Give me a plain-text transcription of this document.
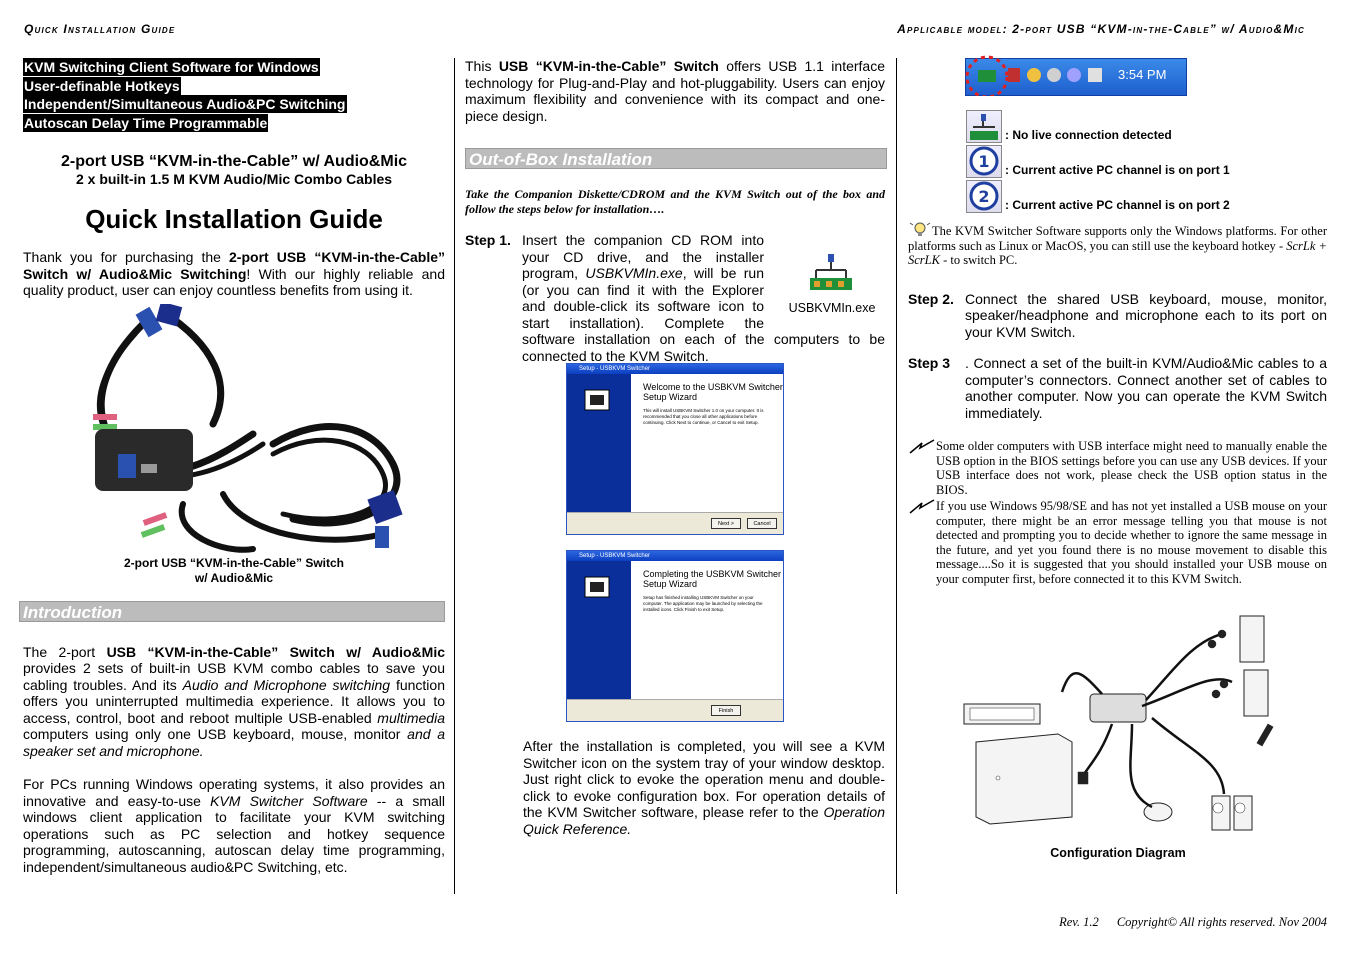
Quick Installation Guide	Applicable model: 2-port USB “KVM-in-the-Cable” w/ Audio&Mic
KVM Switching Client Software for Windows
User-definable Hotkeys
Independent/Simultaneous Audio&PC Switching
Autoscan Delay Time Programmable
2-port USB “KVM-in-the-Cable” w/ Audio&Mic
2 x built-in 1.5 M KVM Audio/Mic Combo Cables
Quick Installation Guide

Thank you for purchasing the 2-port USB “KVM-in-the-Cable” Switch w/ Audio&Mic Switching! With our highly reliable and quality product, user can enjoy countless benefits from using it.

2-port USB “KVM-in-the-Cable” Switch
w/ Audio&Mic
Introduction

The 2-port USB “KVM-in-the-Cable” Switch w/ Audio&Mic provides 2 sets of built-in USB KVM combo cables to save you cabling troubles. And its Audio and Microphone switching function offers you uninterrupted multimedia experience. It allows you to access, control, boot and reboot multiple USB-enabled multimedia computers using only one USB keyboard, mouse, monitor and a speaker set and microphone.

For PCs running Windows operating systems, it also provides an innovative and easy-to-use KVM Switcher Software -- a small windows client application to facilitate your KVM switching operations such as PC selection and hotkey sequence programming, autoscanning, autoscan delay time programming, independent/simultaneous audio&PC Switching, etc.

This USB “KVM-in-the-Cable” Switch offers USB 1.1 interface technology for Plug-and-Play and hot-pluggability. Users can enjoy maximum flexibility and convenience with its compact and one-piece design.

Out-of-Box Installation
Take the Companion Diskette/CDROM and the KVM Switch out of the box and follow the steps below for installation….
Step 1.
USBKVMIn.exe
Insert the companion CD ROM into your CD drive, and the installer program, USBKVMIn.exe, will be run (or you can find it with the Explorer and double-click its software icon to start installation). Complete the software installation on each of the computers to be connected to the KVM Switch.
Setup - USBKVM Switcher
Welcome to the USBKVM Switcher Setup Wizard
This will install USBKVM Switcher 1.0 on your computer. It is recommended that you close all other applications before continuing. Click Next to continue, or Cancel to exit Setup.
Next >	Cancel
Setup - USBKVM Switcher
Completing the USBKVM Switcher Setup Wizard
Setup has finished installing USBKVM Switcher on your computer. The application may be launched by selecting the installed icons. Click Finish to exit Setup.
Finish

After the installation is completed, you will see a KVM Switcher icon on the system tray of your window desktop. Just right click to evoke the operation menu and double-click to evoke configuration box. For operation details of the KVM Switcher software, please refer to the Operation Quick Reference.

3:54 PM
: No live connection detected
1 : Current active PC channel is on port 1
2 : Current active PC channel is on port 2
The KVM Switcher Software supports only the Windows platforms. For other platforms such as Linux or MacOS, you can still use the keyboard hotkey - ScrLk + ScrLK - to switch PC.
Step 2. Connect the shared USB keyboard, mouse, monitor, speaker/headphone and microphone each to its port on your KVM Switch.
Step 3 . Connect a set of the built-in KVM/Audio&Mic cables to a computer’s connectors. Connect another set of cables to another computer. Now you can operate the KVM Switch immediately.
Some older computers with USB interface might need to manually enable the USB option in the BIOS settings before you can use any USB devices. If your USB interface does not work, please check the USB option status in the BIOS.
If you use Windows 95/98/SE and has not yet installed a USB mouse on your computer, there might be an error message telling you that mouse is not detected and prompting you to decide whether to ignore the same message in the future, and yet you found there is no mouse movement to disable this message....So it is suggested that you should installed your USB mouse on your computer first, before connected it to this KVM Switch.
Configuration Diagram
Rev. 1.2 Copyright© All rights reserved. Nov 2004
